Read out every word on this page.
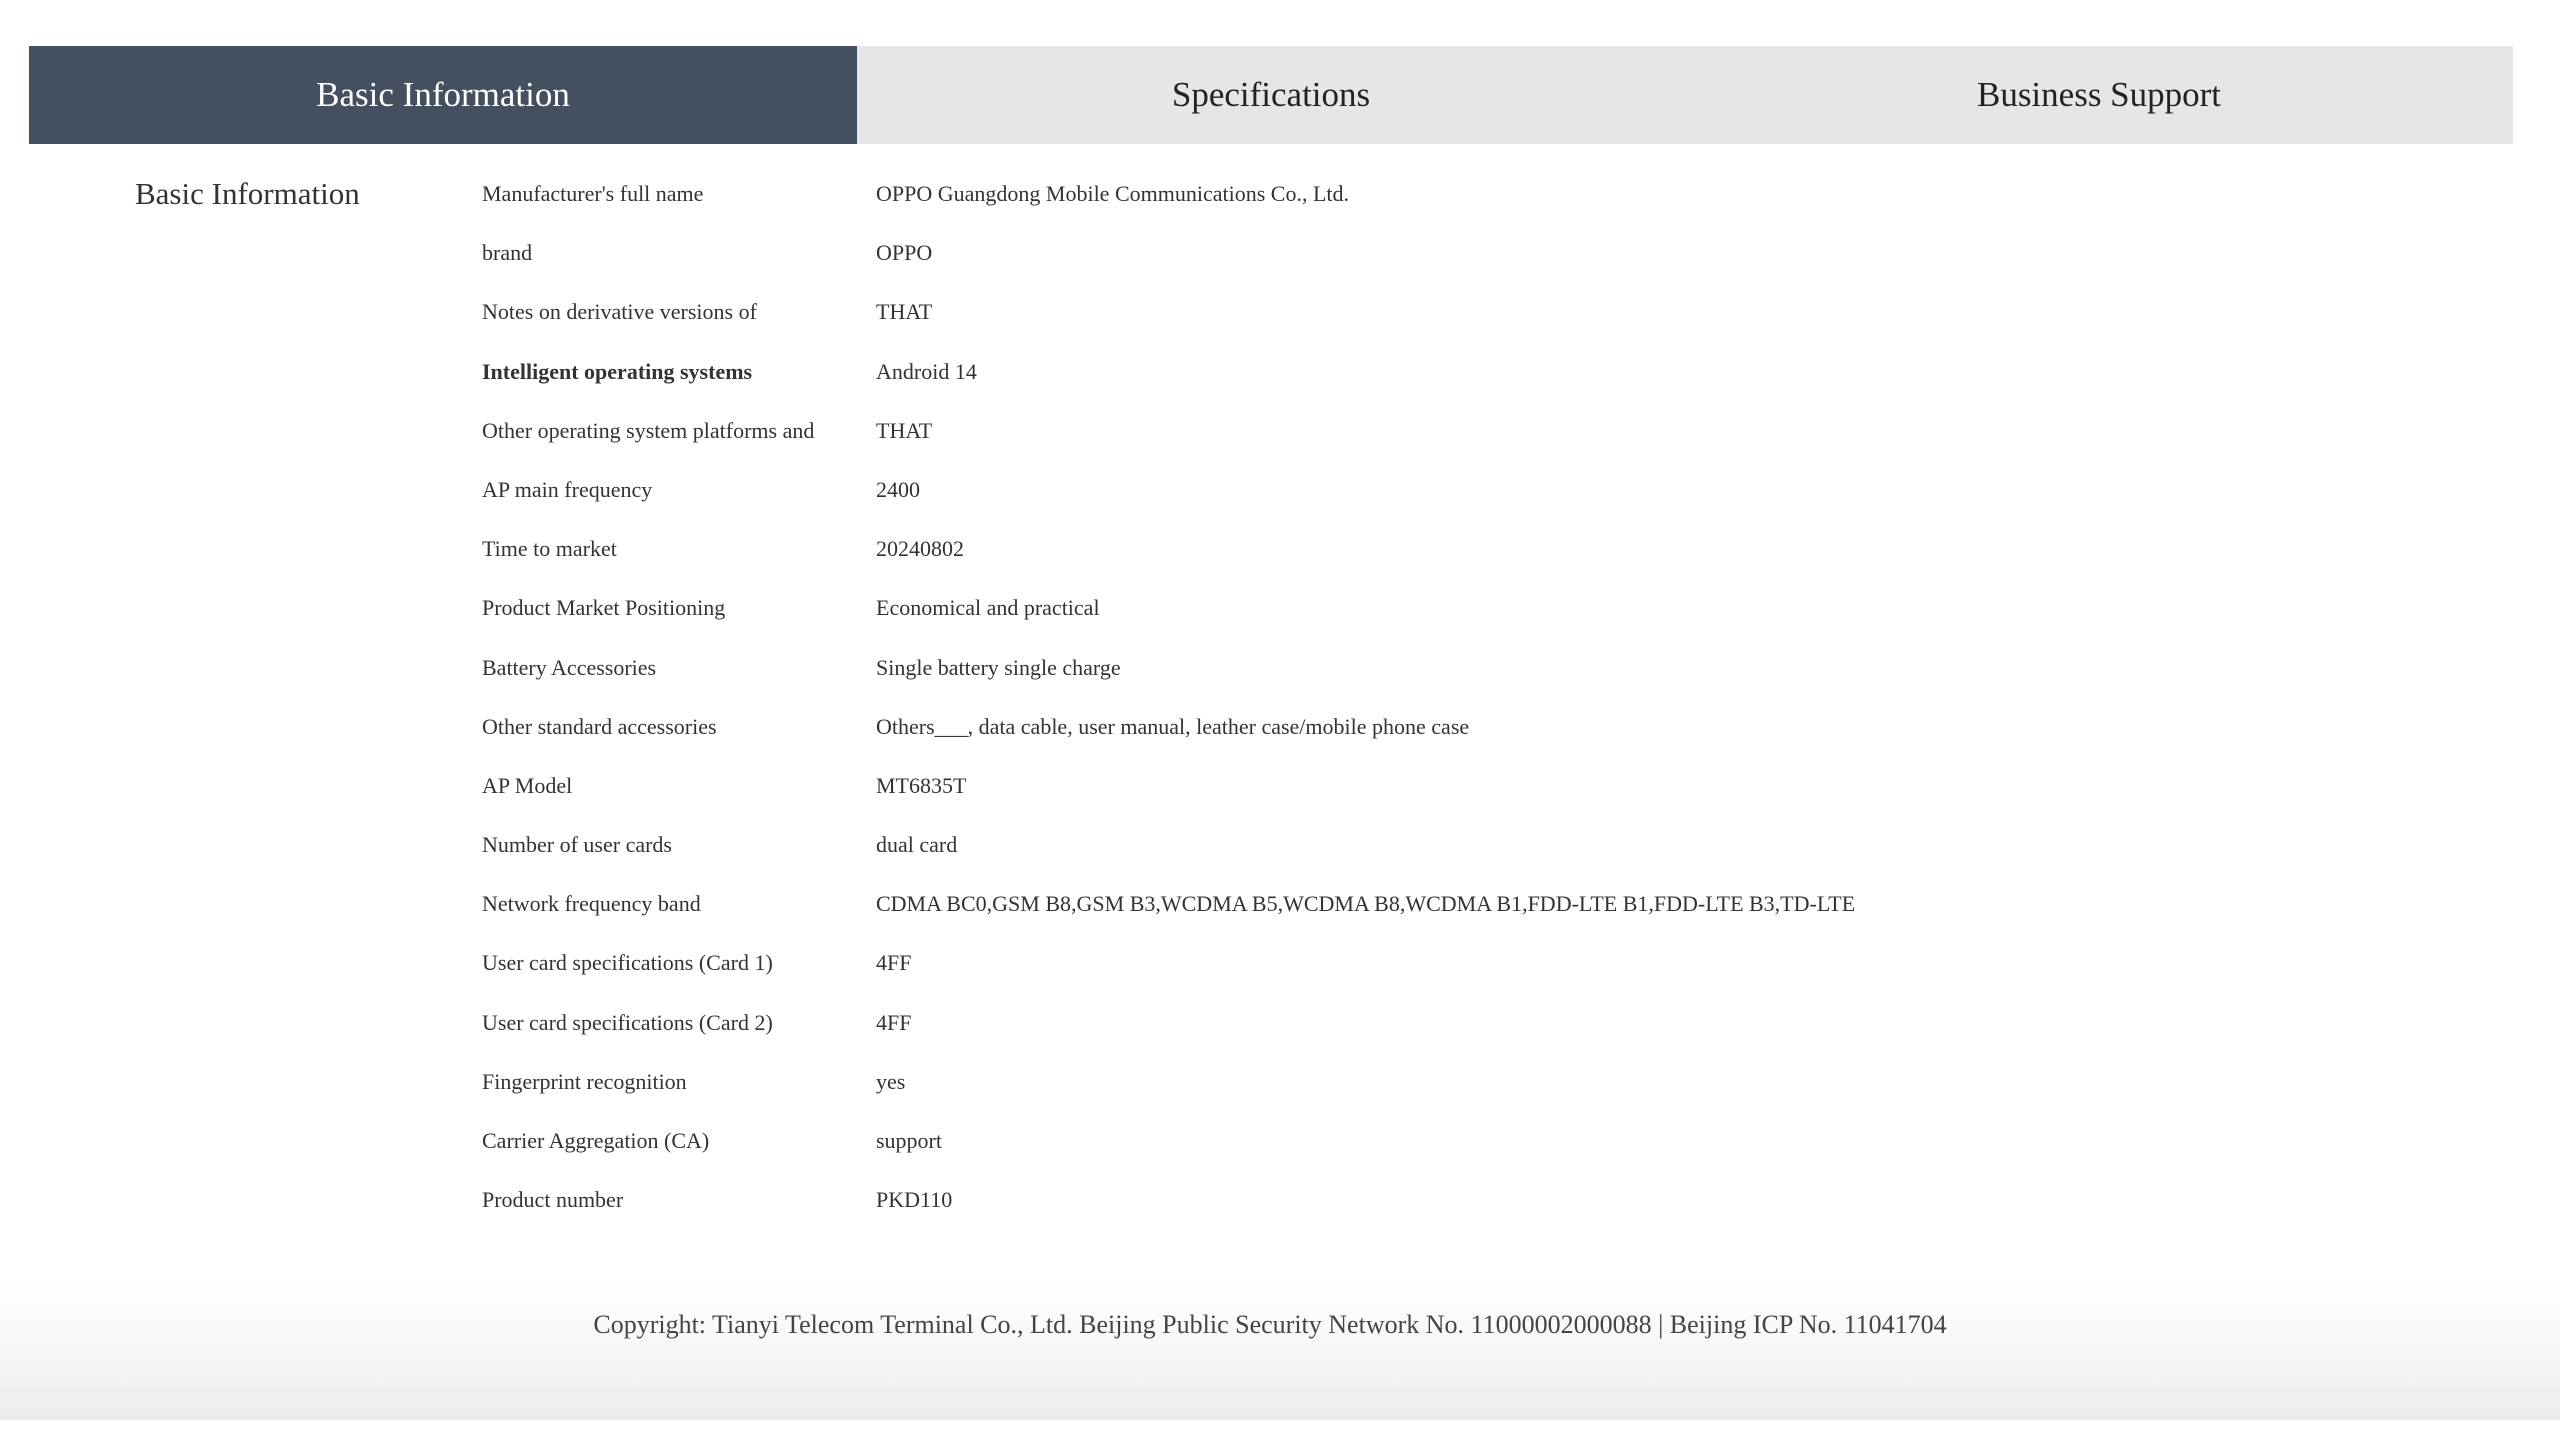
Basic Information	Specifications	Business Support
Basic Information	Manufacturer's full name	OPPO Guangdong Mobile Communications Co., Ltd.
brand	OPPO
Notes on derivative versions of	THAT
Intelligent operating systems	Android 14
Other operating system platforms and	THAT
AP main frequency	2400
Time to market	20240802
Product Market Positioning	Economical and practical
Battery Accessories	Single battery single charge
Other standard accessories	Others___, data cable, user manual, leather case/mobile phone case
AP Model	MT6835T
Number of user cards	dual card
Network frequency band	CDMA BC0,GSM B8,GSM B3,WCDMA B5,WCDMA B8,WCDMA B1,FDD-LTE B1,FDD-LTE B3,TD-LTE
User card specifications (Card 1)	4FF
User card specifications (Card 2)	4FF
Fingerprint recognition	yes
Carrier Aggregation (CA)	support
Product number	PKD110
Copyright: Tianyi Telecom Terminal Co., Ltd. Beijing Public Security Network No. 11000002000088 | Beijing ICP No. 11041704
